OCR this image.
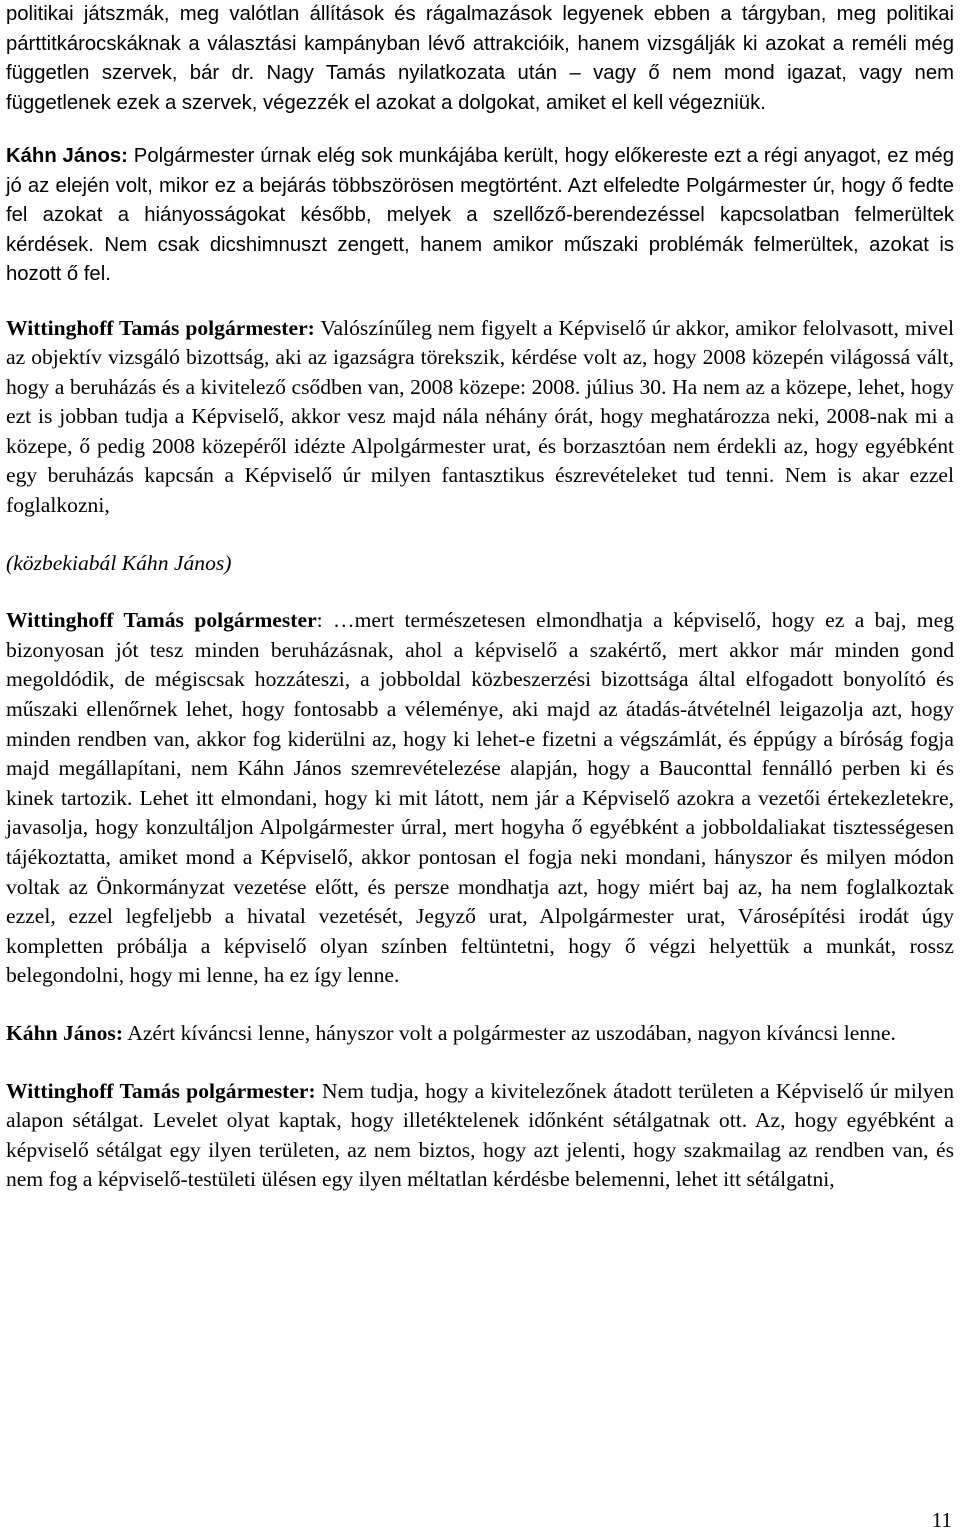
politikai játszmák, meg valótlan állítások és rágalmazások legyenek ebben a tárgyban, meg politikai párttitkárocskáknak a választási kampányban lévő attrakcióik, hanem vizsgálják ki azokat a reméli még független szervek, bár dr. Nagy Tamás nyilatkozata után – vagy ő nem mond igazat, vagy nem függetlenek ezek a szervek, végezzék el azokat a dolgokat, amiket el kell végezniük.

Káhn János: Polgármester úrnak elég sok munkájába került, hogy előkereste ezt a régi anyagot, ez még jó az elején volt, mikor ez a bejárás többszörösen megtörtént. Azt elfeledte Polgármester úr, hogy ő fedte fel azokat a hiányosságokat később, melyek a szellőző-berendezéssel kapcsolatban felmerültek kérdések. Nem csak dicshimnuszt zengett, hanem amikor műszaki problémák felmerültek, azokat is hozott ő fel.

Wittinghoff Tamás polgármester: Valószínűleg nem figyelt a Képviselő úr akkor, amikor felolvasott, mivel az objektív vizsgáló bizottság, aki az igazságra törekszik, kérdése volt az, hogy 2008 közepén világossá vált, hogy a beruházás és a kivitelező csődben van, 2008 közepe: 2008. július 30. Ha nem az a közepe, lehet, hogy ezt is jobban tudja a Képviselő, akkor vesz majd nála néhány órát, hogy meghatározza neki, 2008-nak mi a közepe, ő pedig 2008 közepéről idézte Alpolgármester urat, és borzasztóan nem érdekli az, hogy egyébként egy beruházás kapcsán a Képviselő úr milyen fantasztikus észrevételeket tud tenni. Nem is akar ezzel foglalkozni,

(közbekiabál Káhn János)

Wittinghoff Tamás polgármester: …mert természetesen elmondhatja a képviselő, hogy ez a baj, meg bizonyosan jót tesz minden beruházásnak, ahol a képviselő a szakértő, mert akkor már minden gond megoldódik, de mégiscsak hozzáteszi, a jobboldal közbeszerzési bizottsága által elfogadott bonyolító és műszaki ellenőrnek lehet, hogy fontosabb a véleménye, aki majd az átadás-átvételnél leigazolja azt, hogy minden rendben van, akkor fog kiderülni az, hogy ki lehet-e fizetni a végszámlát, és éppúgy a bíróság fogja majd megállapítani, nem Káhn János szemrevételezése alapján, hogy a Bauconttal fennálló perben ki és kinek tartozik. Lehet itt elmondani, hogy ki mit látott, nem jár a Képviselő azokra a vezetői értekezletekre, javasolja, hogy konzultáljon Alpolgármester úrral, mert hogyha ő egyébként a jobboldaliakat tisztességesen tájékoztatta, amiket mond a Képviselő, akkor pontosan el fogja neki mondani, hányszor és milyen módon voltak az Önkormányzat vezetése előtt, és persze mondhatja azt, hogy miért baj az, ha nem foglalkoztak ezzel, ezzel legfeljebb a hivatal vezetését, Jegyző urat, Alpolgármester urat, Városépítési irodát úgy kompletten próbálja a képviselő olyan színben feltüntetni, hogy ő végzi helyettük a munkát, rossz belegondolni, hogy mi lenne, ha ez így lenne.

Káhn János: Azért kíváncsi lenne, hányszor volt a polgármester az uszodában, nagyon kíváncsi lenne.

Wittinghoff Tamás polgármester: Nem tudja, hogy a kivitelezőnek átadott területen a Képviselő úr milyen alapon sétálgat. Levelet olyat kaptak, hogy illetéktelenek időnként sétálgatnak ott. Az, hogy egyébként a képviselő sétálgat egy ilyen területen, az nem biztos, hogy azt jelenti, hogy szakmailag az rendben van, és nem fog a képviselő-testületi ülésen egy ilyen méltatlan kérdésbe belemenni, lehet itt sétálgatni,

11
